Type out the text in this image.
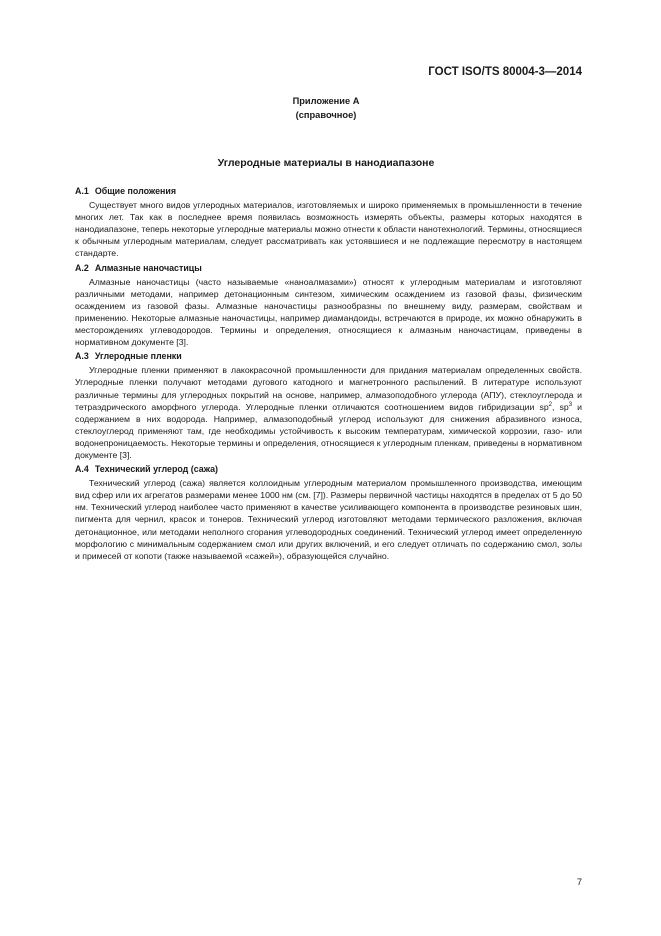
ГОСТ ISO/TS 80004-3—2014
Приложение А
(справочное)
Углеродные материалы в нанодиапазоне
А.1 Общие положения

Существует много видов углеродных материалов, изготовляемых и широко применяемых в промышленности в течение многих лет. Так как в последнее время появилась возможность измерять объекты, размеры которых находятся в нанодиапазоне, теперь некоторые углеродные материалы можно отнести к области нанотехнологий. Термины, относящиеся к обычным углеродным материалам, следует рассматривать как устоявшиеся и не подлежащие пересмотру в настоящем стандарте.

А.2 Алмазные наночастицы

Алмазные наночастицы (часто называемые «наноалмазами») относят к углеродным материалам и изготовляют различными методами, например детонационным синтезом, химическим осаждением из газовой фазы, физическим осаждением из газовой фазы. Алмазные наночастицы разнообразны по внешнему виду, размерам, свойствам и применению. Некоторые алмазные наночастицы, например диамандоиды, встречаются в природе, их можно обнаружить в месторождениях углеводородов. Термины и определения, относящиеся к алмазным наночастицам, приведены в нормативном документе [3].

А.3 Углеродные пленки

Углеродные пленки применяют в лакокрасочной промышленности для придания материалам определенных свойств. Углеродные пленки получают методами дугового катодного и магнетронного распылений. В литературе используют различные термины для углеродных покрытий на основе, например, алмазоподобного углерода (АПУ), стеклоуглерода и тетраэдрического аморфного углерода. Углеродные пленки отличаются соотношением видов гибридизации $sp^2$, $sp^3$ и содержанием в них водорода. Например, алмазоподобный углерод используют для снижения абразивного износа, стеклоуглерод применяют там, где необходимы устойчивость к высоким температурам, химической коррозии, газо- или водонепроницаемость. Некоторые термины и определения, относящиеся к углеродным пленкам, приведены в нормативном документе [3].

А.4 Технический углерод (сажа)

Технический углерод (сажа) является коллоидным углеродным материалом промышленного производства, имеющим вид сфер или их агрегатов размерами менее 1000 нм (см. [7]). Размеры первичной частицы находятся в пределах от 5 до 50 нм. Технический углерод наиболее часто применяют в качестве усиливающего компонента в производстве резиновых шин, пигмента для чернил, красок и тонеров. Технический углерод изготовляют методами термического разложения, включая детонационное, или методами неполного сгорания углеводородных соединений. Технический углерод имеет определенную морфологию с минимальным содержанием смол или других включений, и его следует отличать по содержанию смол, золы и примесей от копоти (также называемой «сажей»), образующейся случайно.

7
